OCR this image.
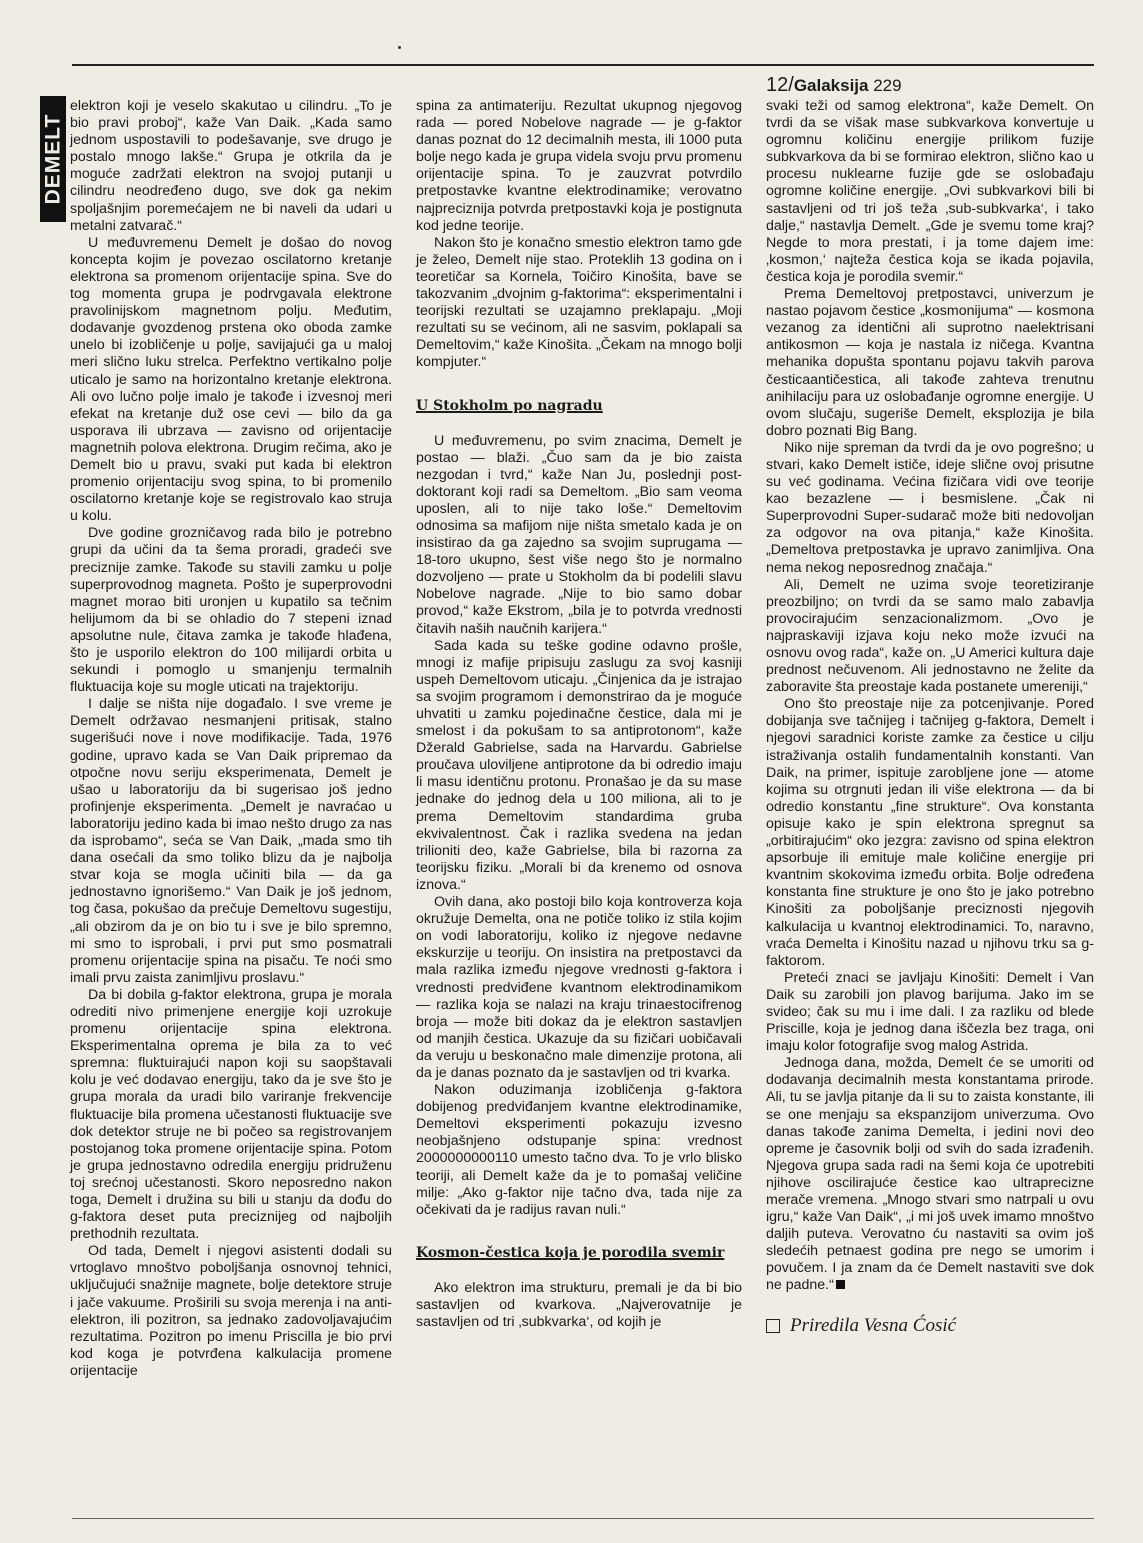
12/Galaksija 229
DEMELT

elektron koji je veselo skakutao u cilindru. „To je bio pravi proboj“, kaže Van Daik. „Kada samo jednom uspostavili to podešavanje, sve drugo je postalo mnogo lakše.“ Grupa je otkrila da je moguće zadržati elektron na svojoj putanji u cilindru neodređeno dugo, sve dok ga nekim spoljašnjim poremećajem ne bi naveli da udari u metalni zatvarač.“

U međuvremenu Demelt je došao do novog koncepta kojim je povezao oscilatorno kretanje elektrona sa promenom orijentacije spina. Sve do tog momenta grupa je podrvgavala elektrone pravolinijskom magnetnom polju. Međutim, dodavanje gvozdenog prstena oko oboda zamke unelo bi izobličenje u polje, savijajući ga u maloj meri slično luku strelca. Perfektno vertikalno polje uticalo je samo na horizontalno kretanje elektrona. Ali ovo lučno polje imalo je takođe i izvesnoj meri efekat na kretanje duž ose cevi — bilo da ga usporava ili ubrzava — zavisno od orijentacije magnetnih polova elektrona. Drugim rečima, ako je Demelt bio u pravu, svaki put kada bi elektron promenio orijentaciju svog spina, to bi promenilo oscilatorno kretanje koje se registrovalo kao struja u kolu.

Dve godine grozničavog rada bilo je potrebno grupi da učini da ta šema proradi, gradeći sve preciznije zamke. Takođe su stavili zamku u polje superprovodnog magneta. Pošto je superprovodni magnet morao biti uronjen u kupatilo sa tečnim helijumom da bi se ohladio do 7 stepeni iznad apsolutne nule, čitava zamka je takođe hlađena, što je usporilo elektron do 100 milijardi orbita u sekundi i pomoglo u smanjenju termalnih fluktuacija koje su mogle uticati na trajektoriju.

I dalje se ništa nije događalo. I sve vreme je Demelt održavao nesmanjeni pritisak, stalno sugerišući nove i nove modifikacije. Tada, 1976 godine, upravo kada se Van Daik pripremao da otpočne novu seriju eksperimenata, Demelt je ušao u laboratoriju da bi sugerisao još jedno profinjenje eksperimenta. „Demelt je navraćao u laboratoriju jedino kada bi imao nešto drugo za nas da isprobamo“, seća se Van Daik, „mada smo tih dana osećali da smo toliko blizu da je najbolja stvar koja se mogla učiniti bila — da ga jednostavno ignorišemo.“ Van Daik je još jednom, tog časa, pokušao da prečuje Demeltovu sugestiju, „ali obzirom da je on bio tu i sve je bilo spremno, mi smo to isprobali, i prvi put smo posmatrali promenu orijentacije spina na pisaču. Te noći smo imali prvu zaista zanimljivu proslavu.“

Da bi dobila g-faktor elektrona, grupa je morala odrediti nivo primenjene energije koji uzrokuje promenu orijentacije spina elektrona. Eksperimentalna oprema je bila za to već spremna: fluktuirajući napon koji su saopštavali kolu je već dodavao energiju, tako da je sve što je grupa morala da uradi bilo variranje frekvencije fluktuacije bila promena učestanosti fluktuacije sve dok detektor struje ne bi počeo sa registrovanjem postojanog toka promene orijentacije spina. Potom je grupa jednostavno odredila energiju pridruženu toj srećnoj učestanosti. Skoro neposredno nakon toga, Demelt i družina su bili u stanju da dođu do g-faktora deset puta preciznijeg od najboljih prethodnih rezultata.

Od tada, Demelt i njegovi asistenti dodali su vrtoglavo mnoštvo poboljšanja osnovnoj tehnici, uključujući snažnije magnete, bolje detektore struje i jače vakuume. Proširili su svoja merenja i na anti-elektron, ili pozitron, sa jednako zadovoljavajućim rezultatima. Pozitron po imenu Priscilla je bio prvi kod koga je potvrđena kalkulacija promene orijentacije

spina za antimateriju. Rezultat ukupnog njegovog rada — pored Nobelove nagrade — je g-faktor danas poznat do 12 decimalnih mesta, ili 1000 puta bolje nego kada je grupa videla svoju prvu promenu orijentacije spina. To je zauzvrat potvrdilo pretpostavke kvantne elektrodinamike; verovatno najpreciznija potvrda pretpostavki koja je postignuta kod jedne teorije.

Nakon što je konačno smestio elektron tamo gde je želeo, Demelt nije stao. Proteklih 13 godina on i teoretičar sa Kornela, Toičiro Kinošita, bave se takozvanim „dvojnim g-faktorima“: eksperimentalni i teorijski rezultati se uzajamno preklapaju. „Moji rezultati su se većinom, ali ne sasvim, poklapali sa Demeltovim,“ kaže Kinošita. „Čekam na mnogo bolji kompjuter.“

U Stokholm po nagradu

U međuvremenu, po svim znacima, Demelt je postao — blaži. „Čuo sam da je bio zaista nezgodan i tvrd,“ kaže Nan Ju, poslednji post-doktorant koji radi sa Demeltom. „Bio sam veoma uposlen, ali to nije tako loše.“ Demeltovim odnosima sa mafijom nije ništa smetalo kada je on insistirao da ga zajedno sa svojim suprugama — 18-toro ukupno, šest više nego što je normalno dozvoljeno — prate u Stokholm da bi podelili slavu Nobelove nagrade. „Nije to bio samo dobar provod,“ kaže Ekstrom, „bila je to potvrda vrednosti čitavih naših naučnih karijera.“

Sada kada su teške godine odavno prošle, mnogi iz mafije pripisuju zaslugu za svoj kasniji uspeh Demeltovom uticaju. „Činjenica da je istrajao sa svojim programom i demonstrirao da je moguće uhvatiti u zamku pojedinačne čestice, dala mi je smelost i da pokušam to sa antiprotonom“, kaže Džerald Gabrielse, sada na Harvardu. Gabrielse proučava uloviljene antiprotone da bi odredio imaju li masu identičnu protonu. Pronašao je da su mase jednake do jednog dela u 100 miliona, ali to je prema Demeltovim standardima gruba ekvivalentnost. Čak i razlika svedena na jedan trilioniti deo, kaže Gabrielse, bila bi razorna za teorijsku fiziku. „Morali bi da krenemo od osnova iznova.“

Ovih dana, ako postoji bilo koja kontroverza koja okružuje Demelta, ona ne potiče toliko iz stila kojim on vodi laboratoriju, koliko iz njegove nedavne ekskurzije u teoriju. On insistira na pretpostavci da mala razlika između njegove vrednosti g-faktora i vrednosti predviđene kvantnom elektrodinamikom — razlika koja se nalazi na kraju trinaestocifrenog broja — može biti dokaz da je elektron sastavljen od manjih čestica. Ukazuje da su fizičari uobičavali da veruju u beskonačno male dimenzije protona, ali da je danas poznato da je sastavljen od tri kvarka.

Nakon oduzimanja izobličenja g-faktora dobijenog predviđanjem kvantne elektrodinamike, Demeltovi eksperimenti pokazuju izvesno neobjašnjeno odstupanje spina: vrednost 2000000000110 umesto tačno dva. To je vrlo blisko teoriji, ali Demelt kaže da je to pomašaj veličine milje: „Ako g-faktor nije tačno dva, tada nije za očekivati da je radijus ravan nuli.“

Kosmon-čestica koja je porodila svemir

Ako elektron ima strukturu, premali je da bi bio sastavljen od kvarkova. „Najverovatnije je sastavljen od tri ‚subkvarka‘, od kojih je

svaki teži od samog elektrona“, kaže Demelt. On tvrdi da se višak mase subkvarkova konvertuje u ogromnu količinu energije prilikom fuzije subkvarkova da bi se formirao elektron, slično kao u procesu nuklearne fuzije gde se oslobađaju ogromne količine energije. „Ovi subkvarkovi bili bi sastavljeni od tri još teža ‚sub-subkvarka‘, i tako dalje,“ nastavlja Demelt. „Gde je svemu tome kraj? Negde to mora prestati, i ja tome dajem ime: ‚kosmon,‘ najteža čestica koja se ikada pojavila, čestica koja je porodila svemir.“

Prema Demeltovoj pretpostavci, univerzum je nastao pojavom čestice „kosmonijuma“ — kosmona vezanog za identični ali suprotno naelektrisani antikosmon — koja je nastala iz ničega. Kvantna mehanika dopušta spontanu pojavu takvih parova česticaantičestica, ali takođe zahteva trenutnu anihilaciju para uz oslobađanje ogromne energije. U ovom slučaju, sugeriše Demelt, eksplozija je bila dobro poznati Big Bang.

Niko nije spreman da tvrdi da je ovo pogrešno; u stvari, kako Demelt ističe, ideje slične ovoj prisutne su već godinama. Većina fizičara vidi ove teorije kao bezazlene — i besmislene. „Čak ni Superprovodni Super-sudarač može biti nedovoljan za odgovor na ova pitanja,“ kaže Kinošita. „Demeltova pretpostavka je upravo zanimljiva. Ona nema nekog neposrednog značaja.“

Ali, Demelt ne uzima svoje teoretiziranje preozbiljno; on tvrdi da se samo malo zabavlja provocirajućim senzacionalizmom. „Ovo je najpraskaviji izjava koju neko može izvući na osnovu ovog rada“, kaže on. „U Americi kultura daje prednost nečuvenom. Ali jednostavno ne želite da zaboravite šta preostaje kada postanete umereniji,“

Ono što preostaje nije za potcenjivanje. Pored dobijanja sve tačnijeg i tačnijeg g-faktora, Demelt i njegovi saradnici koriste zamke za čestice u cilju istraživanja ostalih fundamentalnih konstanti. Van Daik, na primer, ispituje zarobljene jone — atome kojima su otrgnuti jedan ili više elektrona — da bi odredio konstantu „fine strukture“. Ova konstanta opisuje kako je spin elektrona spregnut sa „orbitirajućim“ oko jezgra: zavisno od spina elektron apsorbuje ili emituje male količine energije pri kvantnim skokovima između orbita. Bolje određena konstanta fine strukture je ono što je jako potrebno Kinošiti za poboljšanje preciznosti njegovih kalkulacija u kvantnoj elektrodinamici. To, naravno, vraća Demelta i Kinošitu nazad u njihovu trku sa g-faktorom.

Preteći znaci se javljaju Kinošiti: Demelt i Van Daik su zarobili jon plavog barijuma. Jako im se svideo; čak su mu i ime dali. I za razliku od blede Priscille, koja je jednog dana iščezla bez traga, oni imaju kolor fotografije svog malog Astrida.

Jednoga dana, možda, Demelt će se umoriti od dodavanja decimalnih mesta konstantama prirode. Ali, tu se javlja pitanje da li su to zaista konstante, ili se one menjaju sa ekspanzijom univerzuma. Ovo danas takođe zanima Demelta, i jedini novi deo opreme je časovnik bolji od svih do sada izrađenih. Njegova grupa sada radi na šemi koja će upotrebiti njihove oscilirajuće čestice kao ultraprecizne merače vremena. „Mnogo stvari smo natrpali u ovu igru,“ kaže Van Daik“, „i mi još uvek imamo mnoštvo daljih puteva. Verovatno ću nastaviti sa ovim još sledećih petnaest godina pre nego se umorim i povučem. I ja znam da će Demelt nastaviti sve dok ne padne.“

Priredila Vesna Ćosić
